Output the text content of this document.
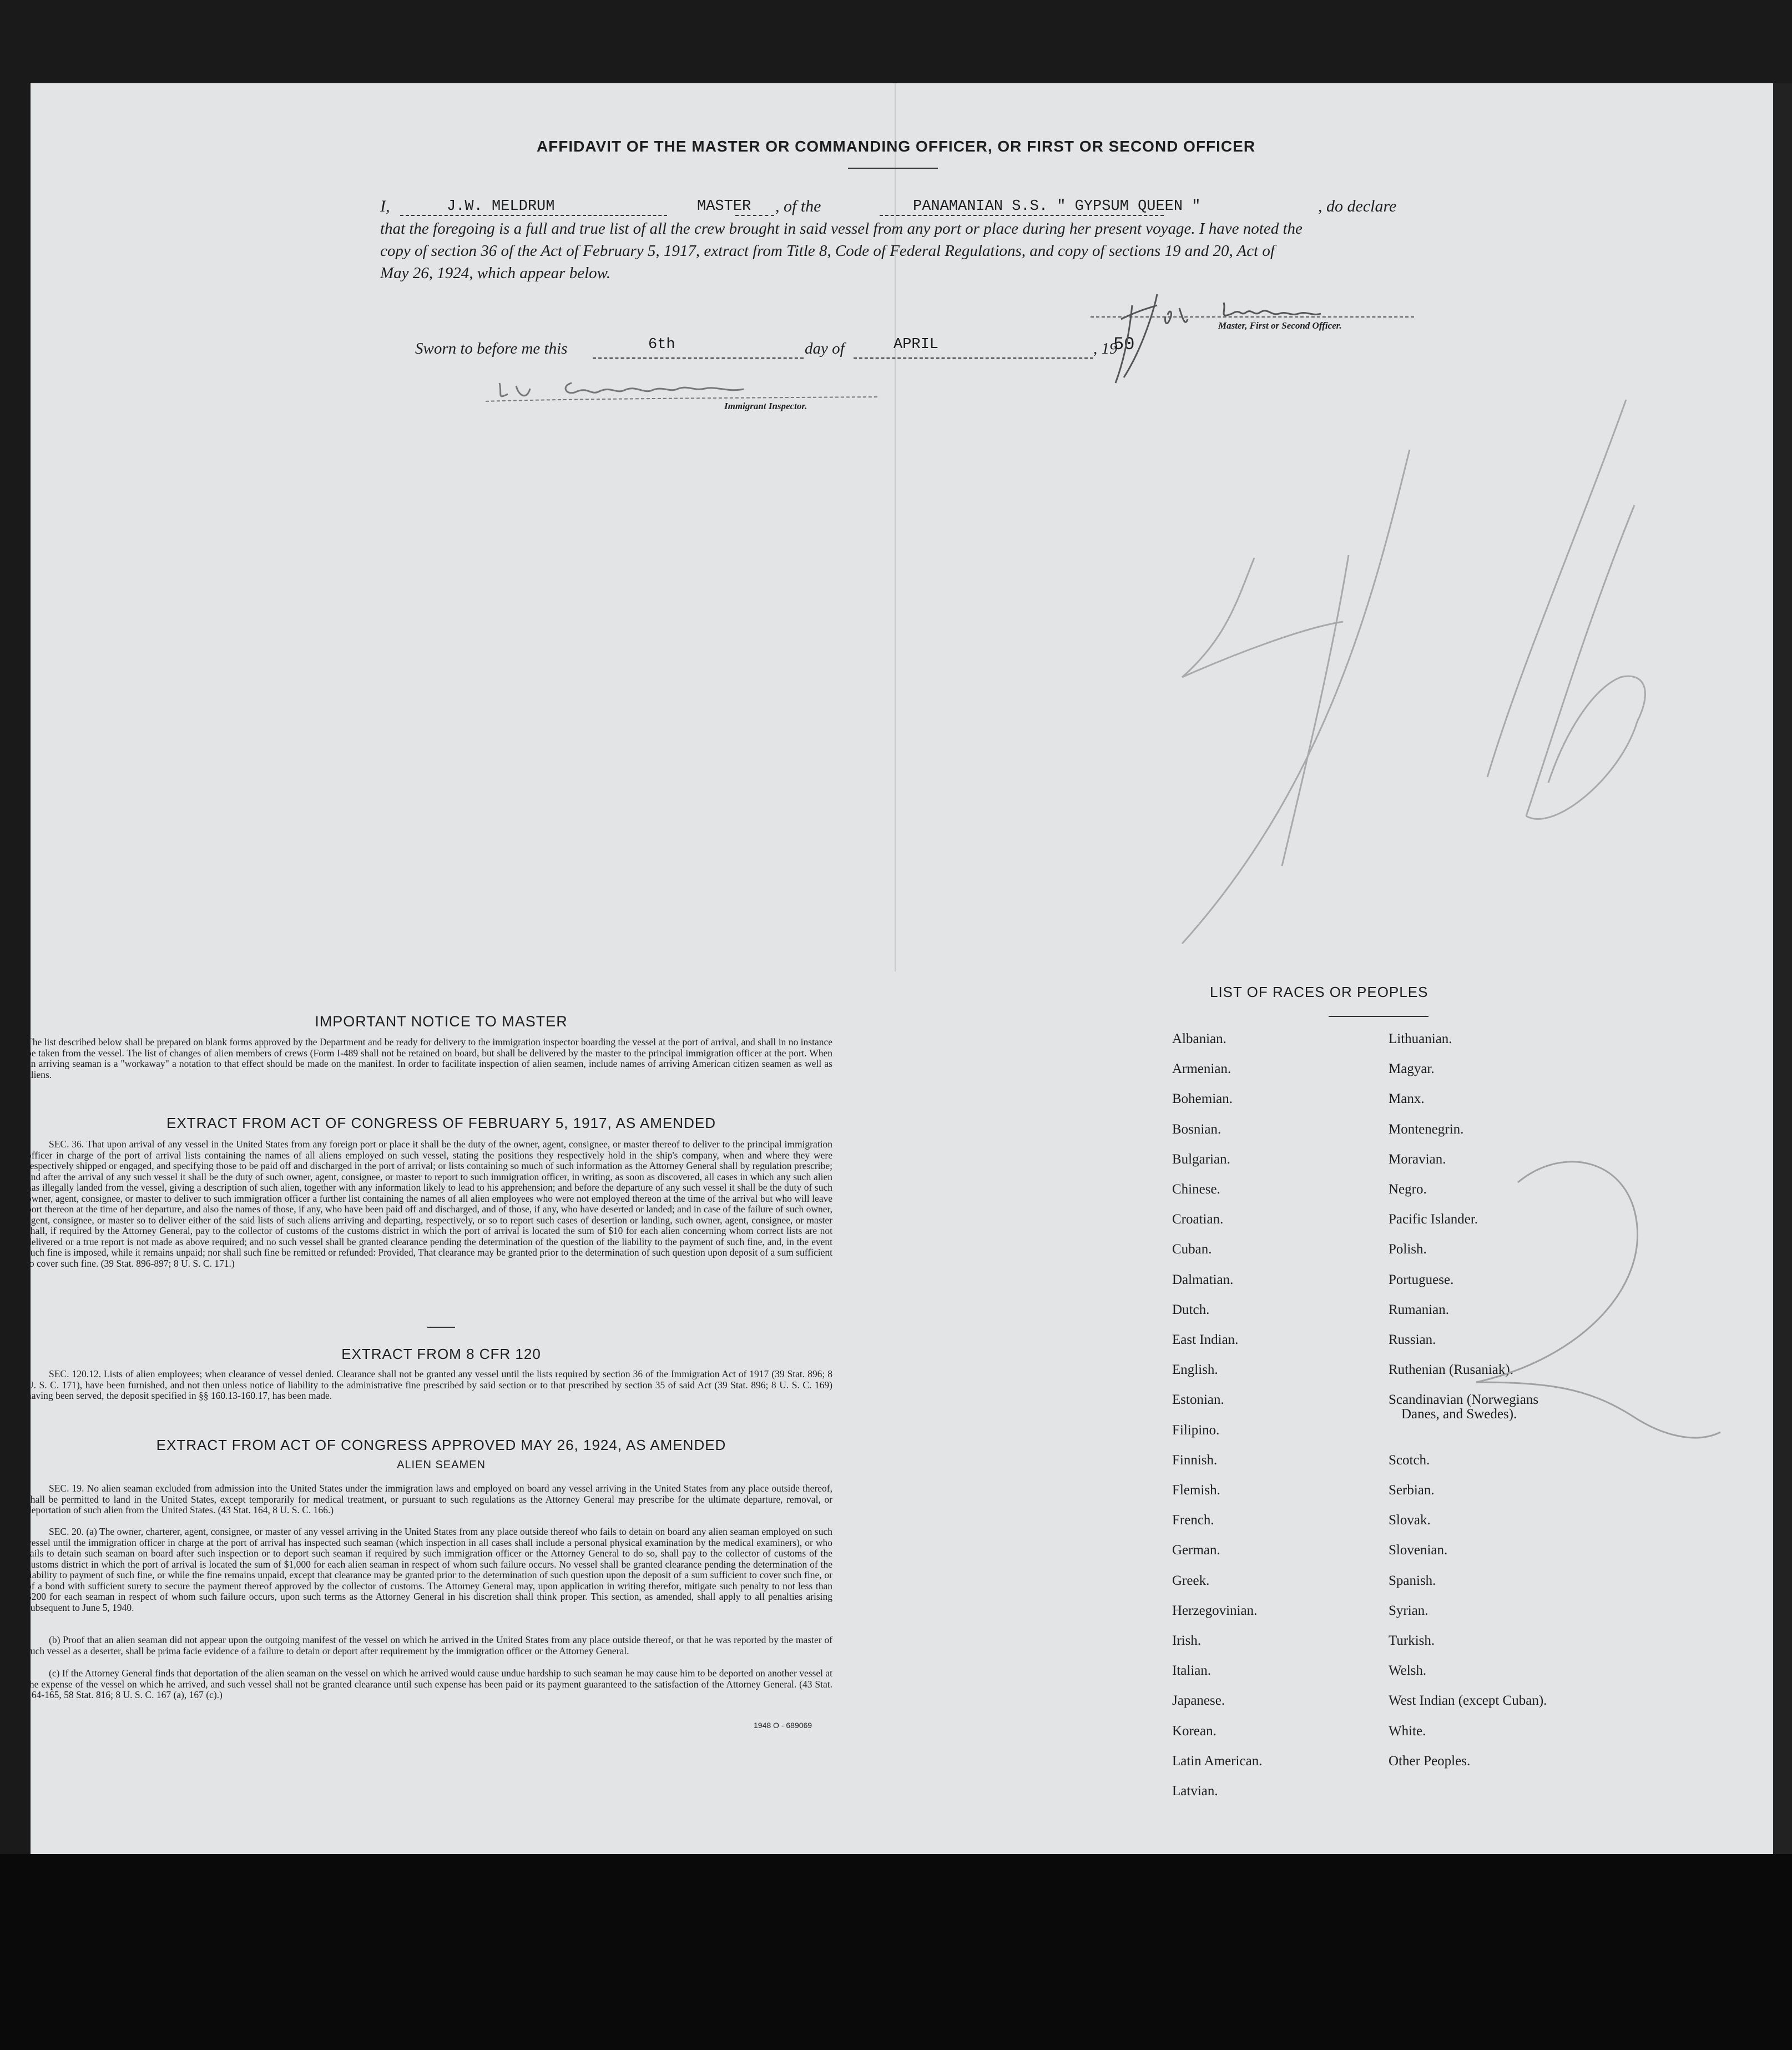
AFFIDAVIT OF THE MASTER OR COMMANDING OFFICER, OR FIRST OR SECOND OFFICER
I,	J.W. MELDRUM	MASTER , of the	PANAMANIAN S.S. " GYPSUM QUEEN "	, do declare
that the foregoing is a full and true list of all the crew brought in said vessel from any port or place during her present voyage. I have noted the
copy of section 36 of the Act of February 5, 1917, extract from Title 8, Code of Federal Regulations, and copy of sections 19 and 20, Act of
May 26, 1924, which appear below.
Master, First or Second Officer.
Sworn to before me this	6th	day of	APRIL	, 19
50
Immigrant Inspector.
IMPORTANT NOTICE TO MASTER
The list described below shall be prepared on blank forms approved by the Department and be ready for delivery to the immigration inspector boarding the vessel at the port of arrival, and shall in no instance be taken from the vessel. The list of changes of alien members of crews (Form I-489 shall not be retained on board, but shall be delivered by the master to the principal immigration officer at the port. When an arriving seaman is a "workaway" a notation to that effect should be made on the manifest. In order to facilitate inspection of alien seamen, include names of arriving American citizen seamen as well as aliens.
EXTRACT FROM ACT OF CONGRESS OF FEBRUARY 5, 1917, AS AMENDED
SEC. 36. That upon arrival of any vessel in the United States from any foreign port or place it shall be the duty of the owner, agent, consignee, or master thereof to deliver to the principal immigration officer in charge of the port of arrival lists containing the names of all aliens employed on such vessel, stating the positions they respectively hold in the ship's company, when and where they were respectively shipped or engaged, and specifying those to be paid off and discharged in the port of arrival; or lists containing so much of such information as the Attorney General shall by regulation prescribe; and after the arrival of any such vessel it shall be the duty of such owner, agent, consignee, or master to report to such immigration officer, in writing, as soon as discovered, all cases in which any such alien has illegally landed from the vessel, giving a description of such alien, together with any information likely to lead to his apprehension; and before the departure of any such vessel it shall be the duty of such owner, agent, consignee, or master to deliver to such immigration officer a further list containing the names of all alien employees who were not employed thereon at the time of the arrival but who will leave port thereon at the time of her departure, and also the names of those, if any, who have been paid off and discharged, and of those, if any, who have deserted or landed; and in case of the failure of such owner, agent, consignee, or master so to deliver either of the said lists of such aliens arriving and departing, respectively, or so to report such cases of desertion or landing, such owner, agent, consignee, or master shall, if required by the Attorney General, pay to the collector of customs of the customs district in which the port of arrival is located the sum of $10 for each alien concerning whom correct lists are not delivered or a true report is not made as above required; and no such vessel shall be granted clearance pending the determination of the question of the liability to the payment of such fine, and, in the event such fine is imposed, while it remains unpaid; nor shall such fine be remitted or refunded: Provided, That clearance may be granted prior to the determination of such question upon deposit of a sum sufficient to cover such fine. (39 Stat. 896-897; 8 U. S. C. 171.)
EXTRACT FROM 8 CFR 120
SEC. 120.12. Lists of alien employees; when clearance of vessel denied. Clearance shall not be granted any vessel until the lists required by section 36 of the Immigration Act of 1917 (39 Stat. 896; 8 U. S. C. 171), have been furnished, and not then unless notice of liability to the administrative fine prescribed by said section or to that prescribed by section 35 of said Act (39 Stat. 896; 8 U. S. C. 169) having been served, the deposit specified in §§ 160.13-160.17, has been made.
EXTRACT FROM ACT OF CONGRESS APPROVED MAY 26, 1924, AS AMENDED
ALIEN SEAMEN
SEC. 19. No alien seaman excluded from admission into the United States under the immigration laws and employed on board any vessel arriving in the United States from any place outside thereof, shall be permitted to land in the United States, except temporarily for medical treatment, or pursuant to such regulations as the Attorney General may prescribe for the ultimate departure, removal, or deportation of such alien from the United States. (43 Stat. 164, 8 U. S. C. 166.)
SEC. 20. (a) The owner, charterer, agent, consignee, or master of any vessel arriving in the United States from any place outside thereof who fails to detain on board any alien seaman employed on such vessel until the immigration officer in charge at the port of arrival has inspected such seaman (which inspection in all cases shall include a personal physical examination by the medical examiners), or who fails to detain such seaman on board after such inspection or to deport such seaman if required by such immigration officer or the Attorney General to do so, shall pay to the collector of customs of the customs district in which the port of arrival is located the sum of $1,000 for each alien seaman in respect of whom such failure occurs. No vessel shall be granted clearance pending the determination of the liability to payment of such fine, or while the fine remains unpaid, except that clearance may be granted prior to the determination of such question upon the deposit of a sum sufficient to cover such fine, or of a bond with sufficient surety to secure the payment thereof approved by the collector of customs. The Attorney General may, upon application in writing therefor, mitigate such penalty to not less than $200 for each seaman in respect of whom such failure occurs, upon such terms as the Attorney General in his discretion shall think proper. This section, as amended, shall apply to all penalties arising subsequent to June 5, 1940.
(b) Proof that an alien seaman did not appear upon the outgoing manifest of the vessel on which he arrived in the United States from any place outside thereof, or that he was reported by the master of such vessel as a deserter, shall be prima facie evidence of a failure to detain or deport after requirement by the immigration officer or the Attorney General.
(c) If the Attorney General finds that deportation of the alien seaman on the vessel on which he arrived would cause undue hardship to such seaman he may cause him to be deported on another vessel at the expense of the vessel on which he arrived, and such vessel shall not be granted clearance until such expense has been paid or its payment guaranteed to the satisfaction of the Attorney General. (43 Stat. 164-165, 58 Stat. 816; 8 U. S. C. 167 (a), 167 (c).)
1948 O - 689069
LIST OF RACES OR PEOPLES
Albanian.
Armenian.
Bohemian.
Bosnian.
Bulgarian.
Chinese.
Croatian.
Cuban.
Dalmatian.
Dutch.
East Indian.
English.
Estonian.
Filipino.
Finnish.
Flemish.
French.
German.
Greek.
Herzegovinian.
Irish.
Italian.
Japanese.
Korean.
Latin American.
Latvian.
Lithuanian.
Magyar.
Manx.
Montenegrin.
Moravian.
Negro.
Pacific Islander.
Polish.
Portuguese.
Rumanian.
Russian.
Ruthenian (Rusaniak).
Scandinavian (Norwegians
Danes, and Swedes).
Scotch.
Serbian.
Slovak.
Slovenian.
Spanish.
Syrian.
Turkish.
Welsh.
West Indian (except Cuban).
White.
Other Peoples.
